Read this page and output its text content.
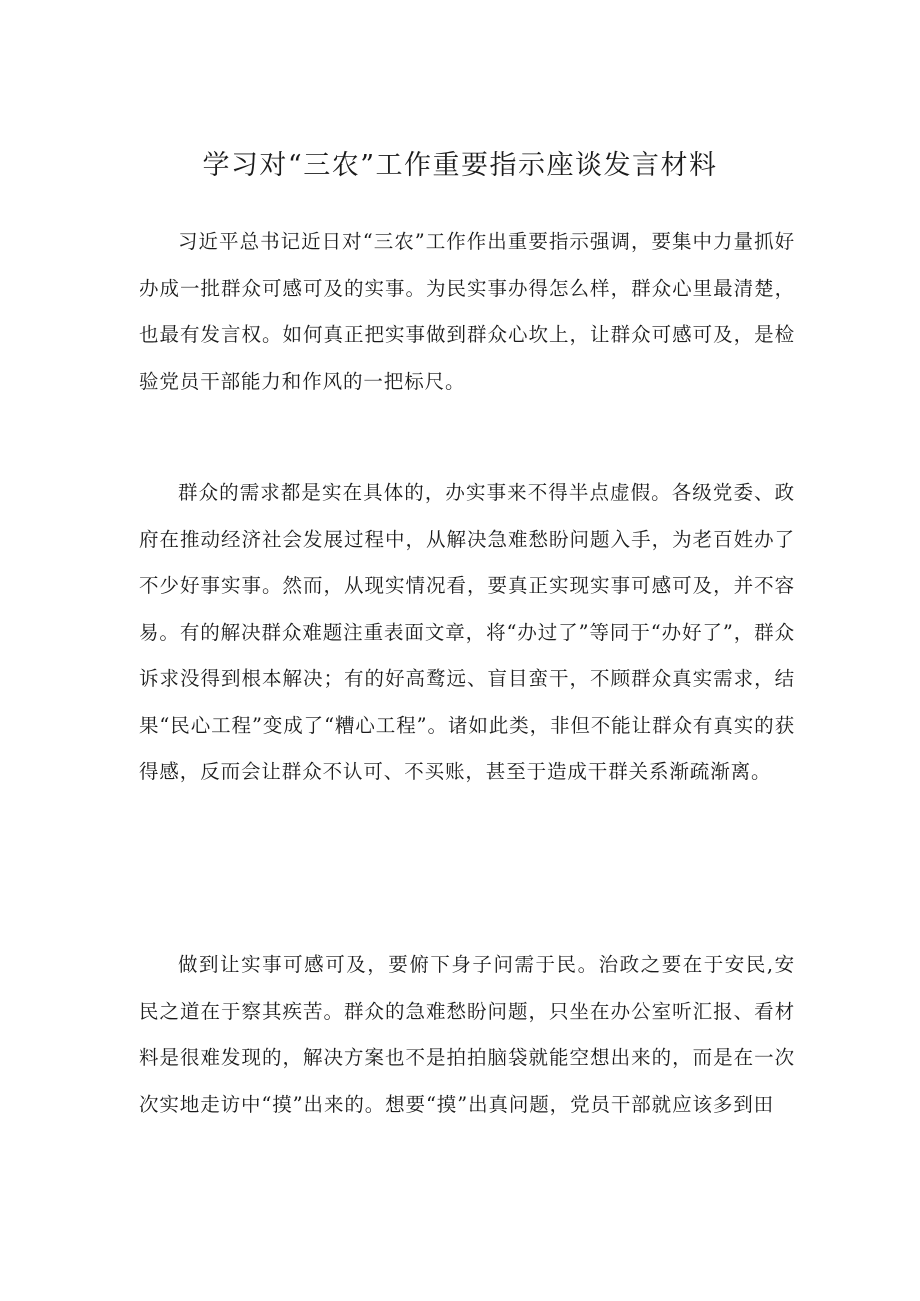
学习对“三农”工作重要指示座谈发言材料

习近平总书记近日对“三农”工作作出重要指示强调，要集中力量抓好办成一批群众可感可及的实事。为民实事办得怎么样，群众心里最清楚，也最有发言权。如何真正把实事做到群众心坎上，让群众可感可及，是检验党员干部能力和作风的一把标尺。

群众的需求都是实在具体的，办实事来不得半点虚假。各级党委、政府在推动经济社会发展过程中，从解决急难愁盼问题入手，为老百姓办了不少好事实事。然而，从现实情况看，要真正实现实事可感可及，并不容易。有的解决群众难题注重表面文章，将“办过了”等同于“办好了”，群众诉求没得到根本解决；有的好高鹜远、盲目蛮干，不顾群众真实需求，结果“民心工程”变成了“糟心工程”。诸如此类，非但不能让群众有真实的获得感，反而会让群众不认可、不买账，甚至于造成干群关系渐疏渐离。

做到让实事可感可及，要俯下身子问需于民。治政之要在于安民,安民之道在于察其疾苦。群众的急难愁盼问题，只坐在办公室听汇报、看材料是很难发现的，解决方案也不是拍拍脑袋就能空想出来的，而是在一次次实地走访中“摸”出来的。想要“摸”出真问题，党员干部就应该多到田
